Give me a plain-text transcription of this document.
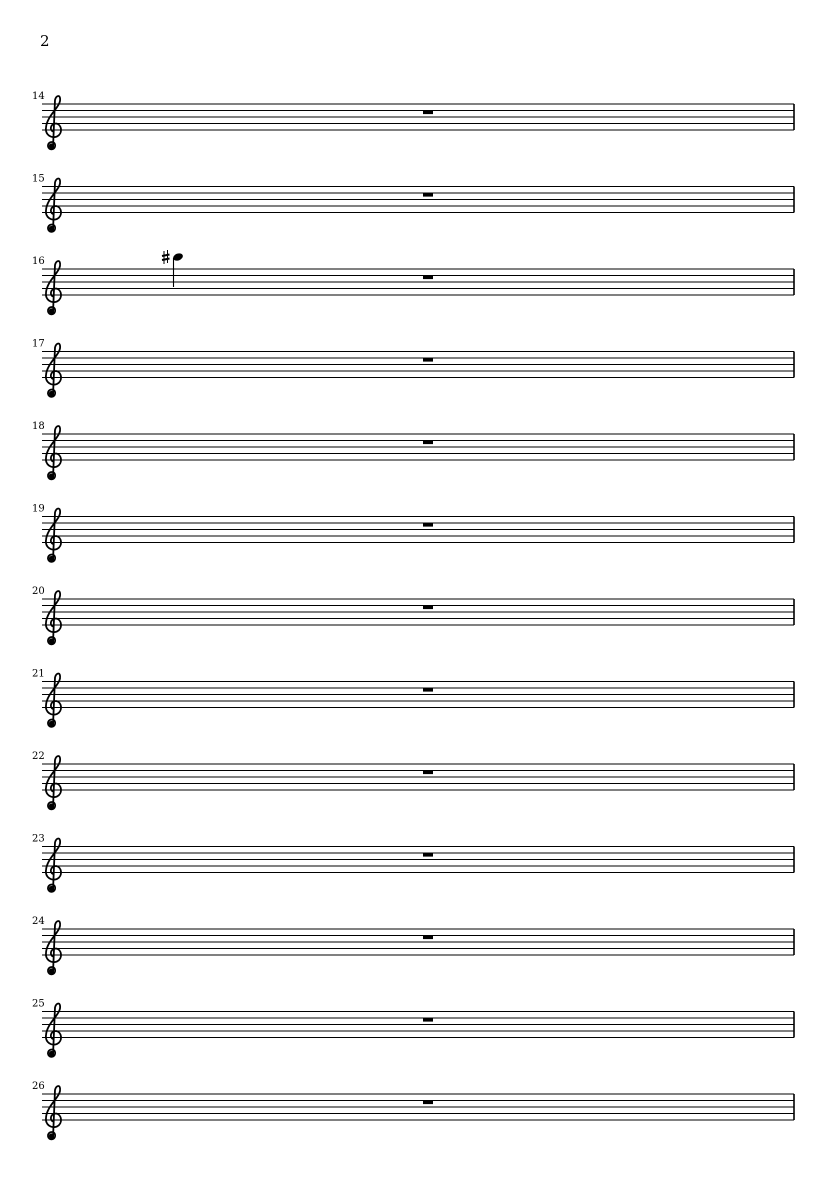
2
14
15
16
17
18
19
20
21
22
23
24
25
26
